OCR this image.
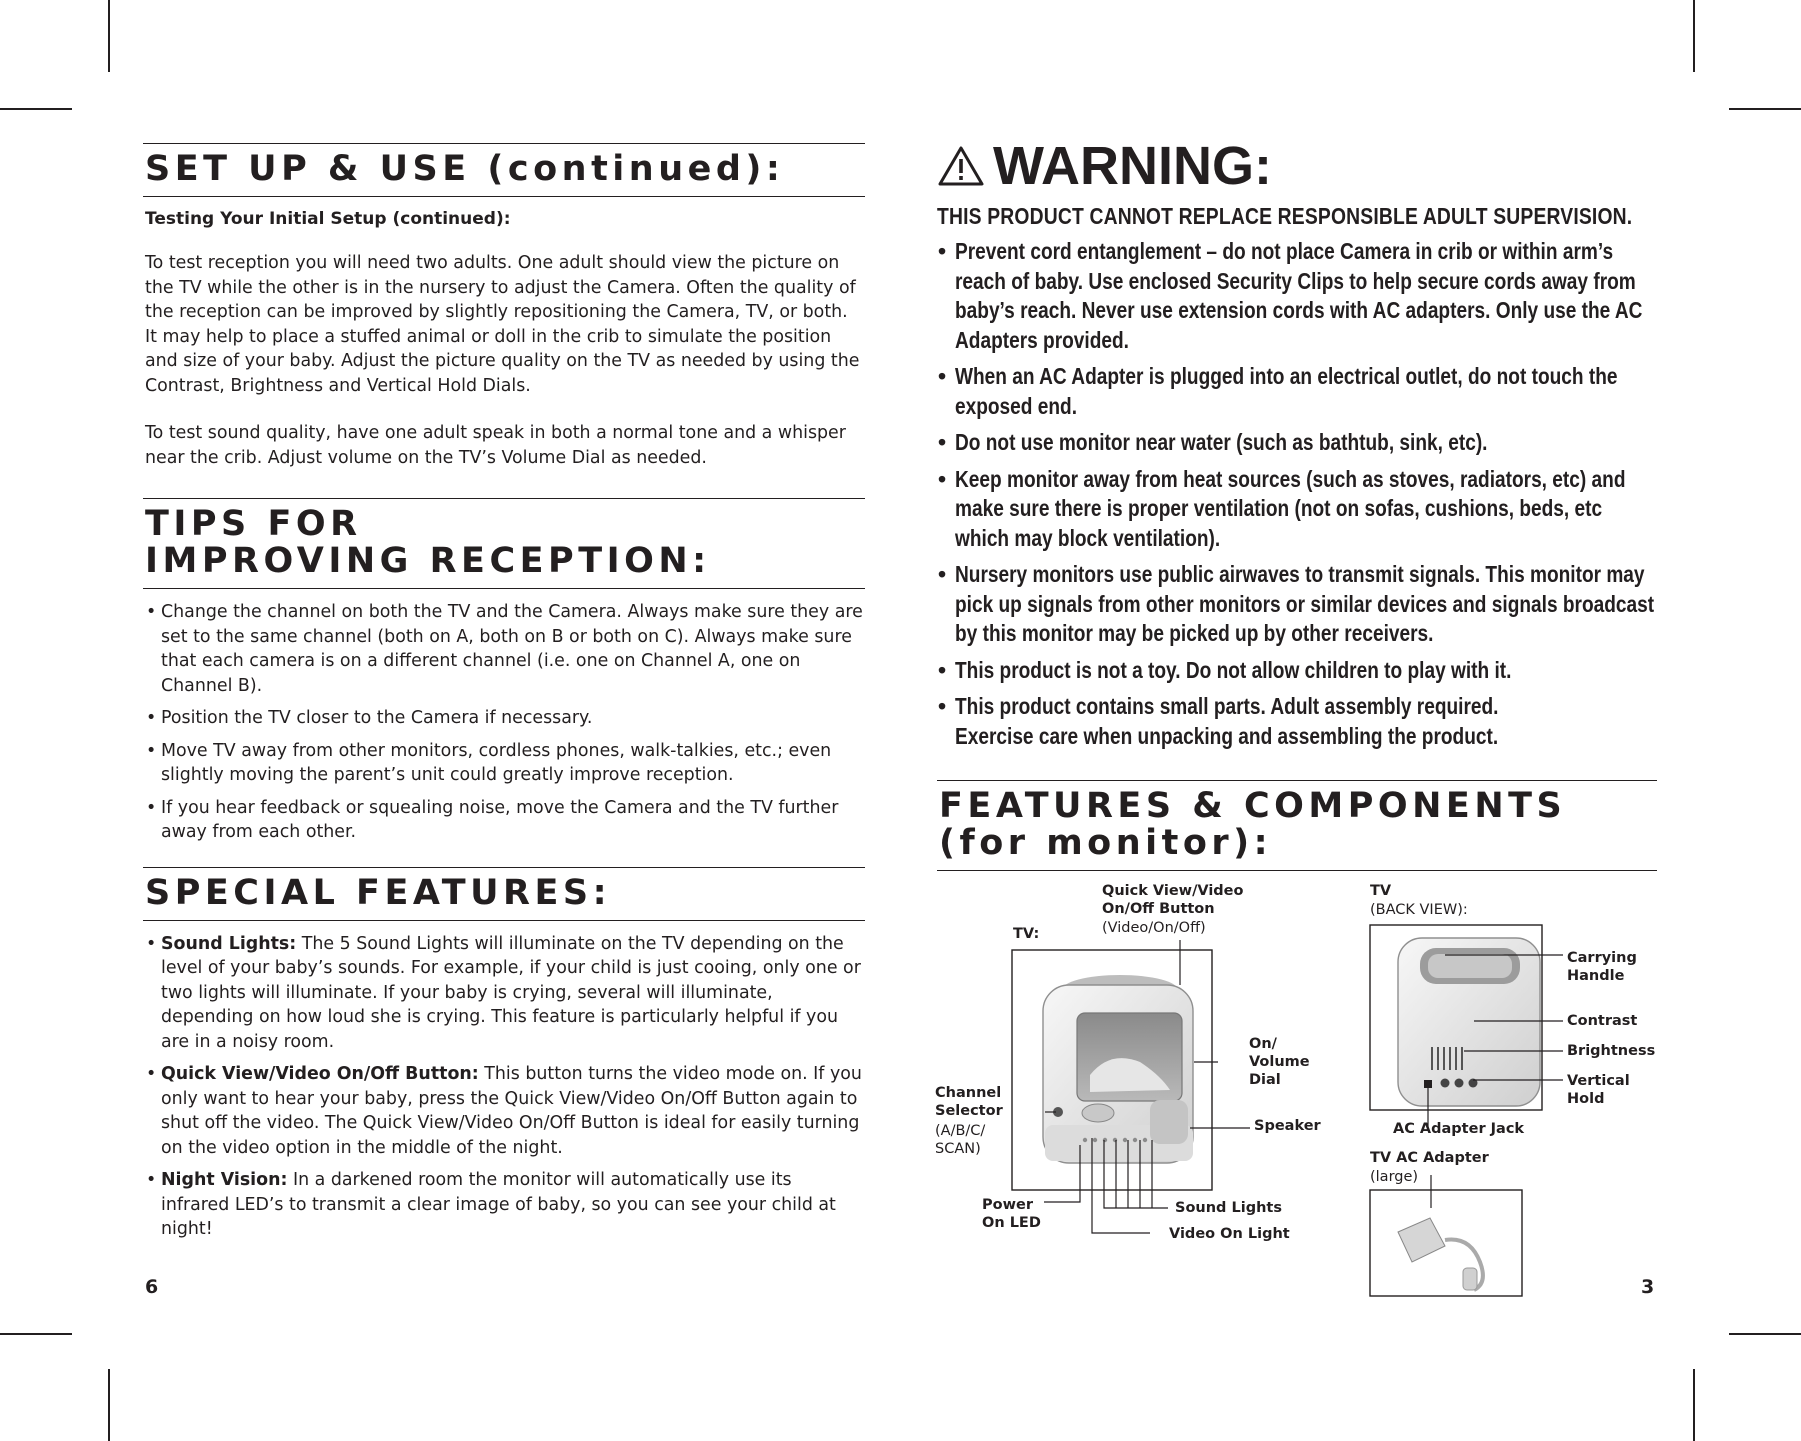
SET UP & USE (continued):
Testing Your Initial Setup (continued):

To test reception you will need two adults. One adult should view the picture on the TV while the other is in the nursery to adjust the Camera. Often the quality of the reception can be improved by slightly repositioning the Camera, TV, or both. It may help to place a stuffed animal or doll in the crib to simulate the position and size of your baby. Adjust the picture quality on the TV as needed by using the Contrast, Brightness and Vertical Hold Dials.

To test sound quality, have one adult speak in both a normal tone and a whisper near the crib. Adjust volume on the TV’s Volume Dial as needed.

TIPS FOR
IMPROVING RECEPTION:
• Change the channel on both the TV and the Camera. Always make sure they are set to the same channel (both on A, both on B or both on C). Always make sure that each camera is on a different channel (i.e. one on Channel A, one on Channel B).
• Position the TV closer to the Camera if necessary.
• Move TV away from other monitors, cordless phones, walk-talkies, etc.; even slightly moving the parent’s unit could greatly improve reception.
• If you hear feedback or squealing noise, move the Camera and the TV further away from each other.
SPECIAL FEATURES:
• Sound Lights: The 5 Sound Lights will illuminate on the TV depending on the level of your baby’s sounds. For example, if your child is just cooing, only one or two lights will illuminate. If your baby is crying, several will illuminate, depending on how loud she is crying. This feature is particularly helpful if you are in a noisy room.
• Quick View/Video On/Off Button: This button turns the video mode on. If you only want to hear your baby, press the Quick View/Video On/Off Button again to shut off the video. The Quick View/Video On/Off Button is ideal for easily turning on the video option in the middle of the night.
• Night Vision: In a darkened room the monitor will automatically use its infrared LED’s to transmit a clear image of baby, so you can see your child at night!
6
WARNING:
THIS PRODUCT CANNOT REPLACE RESPONSIBLE ADULT SUPERVISION.
• Prevent cord entanglement – do not place Camera in crib or within arm’s reach of baby. Use enclosed Security Clips to help secure cords away from baby’s reach. Never use extension cords with AC adapters. Only use the AC Adapters provided.
• When an AC Adapter is plugged into an electrical outlet, do not touch the exposed end.
• Do not use monitor near water (such as bathtub, sink, etc).
• Keep monitor away from heat sources (such as stoves, radiators, etc) and make sure there is proper ventilation (not on sofas, cushions, beds, etc which may block ventilation).
• Nursery monitors use public airwaves to transmit signals. This monitor may pick up signals from other monitors or similar devices and signals broadcast by this monitor may be picked up by other receivers.
• This product is not a toy. Do not allow children to play with it.
• This product contains small parts. Adult assembly required.
Exercise care when unpacking and assembling the product.
FEATURES & COMPONENTS
(for monitor):
TV:
Quick View/Video
On/Off Button
(Video/On/Off)
On/
Volume
Dial
Channel
Selector
(A/B/C/
SCAN)
Speaker
Power
On LED
Sound Lights
Video On Light
TV
(BACK VIEW):
Carrying
Handle
Contrast
Brightness
Vertical
Hold
AC Adapter Jack
TV AC Adapter
(large)
3
